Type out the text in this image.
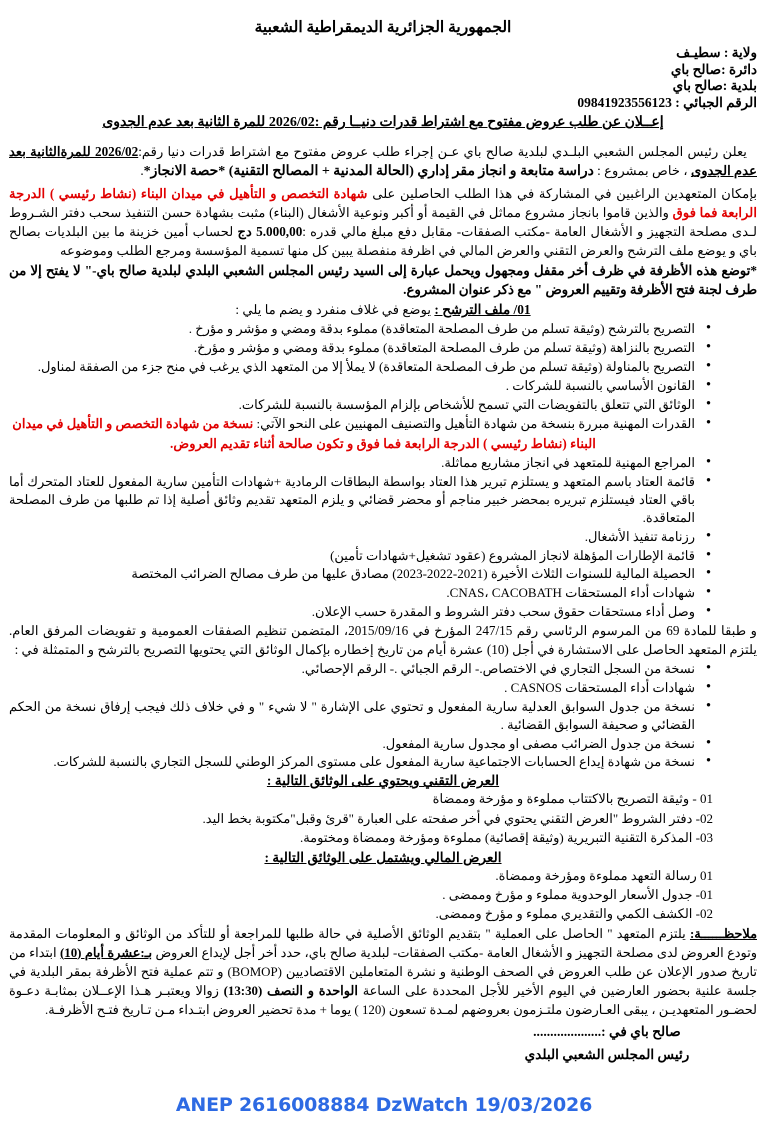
الجمهورية الجزائرية الديمقراطية الشعبية
ولاية : سطيـف
دائرة :صالح باي
بلدية :صالح باي
الرقم الجبائي : 09841923556123
إعــلان عن طلب عروض مفتوح مع اشتراط قدرات دنيــا رقم :2026/02 للمرة الثانية بعد عدم الجدوى
يعلن رئيس المجلس الشعبي البلـدي لبلدية صالح باي عـن إجراء طلب عروض مفتوح مع اشتراط قدرات دنيا رقم:2026/02 للمرةالثانية بعد عدم الجدوى ، خاص بمشروع : دراسة متابعة و انجاز مقر إداري (الحالة المدنية + المصالح التقنية) *حصة الانجاز*.
بإمكان المتعهدين الراغبين في المشاركة في هذا الطلب الحاصلين على شهادة التخصص و التأهيل في ميدان البناء (نشاط رئيسي ) الدرجة الرابعة فما فوق والذين قاموا بانجاز مشروع مماثل في القيمة أو أكبر ونوعية الأشغال (البناء) مثبت بشهادة حسن التنفيذ سحب دفتر الشـروط لـدى مصلحة التجهيز و الأشغال العامة -مكتب الصفقات- مقابل دفع مبلغ مالي قدره :5.000,00 دج لحساب أمين خزينة ما بين البلديات بصالح باي و يوضع ملف الترشح والعرض التقني والعرض المالي في اظرفة منفصلة يبين كل منها تسمية المؤسسة ومرجع الطلب وموضوعه
*توضع هذه الأظرفة في ظرف أخر مقفل ومجهول ويحمل عبارة إلى السيد رئيس المجلس الشعبي البلدي لبلدية صالح باي-" لا يفتح إلا من طرف لجنة فتح الأظرفة وتقييم العروض " مع ذكر عنوان المشروع.
01/ ملف الترشح : يوضع في غلاف منفرد و يضم ما يلي :
● التصريح بالترشح (وثيقة تسلم من طرف المصلحة المتعاقدة) مملوء بدقة ومضي و مؤشر و مؤرخ .
● التصريح بالنزاهة (وثيقة تسلم من طرف المصلحة المتعاقدة) مملوء بدقة ومضي و مؤشر و مؤرخ.
● التصريح بالمناولة (وثيقة تسلم من طرف المصلحة المتعاقدة) لا يملأ إلا من المتعهد الذي يرغب في منح جزء من الصفقة لمناول.
● القانون الأساسي بالنسبة للشركات .
● الوثائق التي تتعلق بالتفويضات التي تسمح للأشخاص بإلزام المؤسسة بالنسبة للشركات.
● القدرات المهنية مبررة بنسخة من شهادة التأهيل والتصنيف المهنيين على النحو الآتي: نسخة من شهادة التخصص و التأهيل في ميدان
البناء (نشاط رئيسي ) الدرجة الرابعة فما فوق و تكون صالحة أثناء تقديم العروض.
● المراجع المهنية للمتعهد في انجاز مشاريع مماثلة.
● قائمة العتاد باسم المتعهد و يستلزم تبرير هذا العتاد بواسطة البطاقات الرمادية +شهادات التأمين سارية المفعول للعتاد المتحرك أما باقي العتاد فيستلزم تبريره بمحضر خبير مناجم أو محضر قضائي و يلزم المتعهد تقديم وثائق أصلية إذا تم طلبها من طرف المصلحة المتعاقدة.
● رزنامة تنفيذ الأشغال.
● قائمة الإطارات المؤهلة لانجاز المشروع (عقود تشغيل+شهادات تأمين)
● الحصيلة المالية للسنوات الثلاث الأخيرة (2021-2022-2023) مصادق عليها من طرف مصالح الضرائب المختصة
● شهادات أداء المستحقات CNAS، CACOBATH.
● وصل أداء مستحقات حقوق سحب دفتر الشروط و المقدرة حسب الإعلان.
و طبقا للمادة 69 من المرسوم الرئاسي رقم 247/15 المؤرخ في 2015/09/16، المتضمن تنظيم الصفقات العمومية و تفويضات المرفق العام. يلتزم المتعهد الحاصل على الاستشارة في أجل (10) عشرة أيام من تاريخ إخطاره بإكمال الوثائق التي يحتويها التصريح بالترشح و المتمثلة في :
● نسخة من السجل التجاري في الاختصاص.- الرقم الجبائي .- الرقم الإحصائي.
● شهادات أداء المستحقات CASNOS .
● نسخة من جدول السوابق العدلية سارية المفعول و تحتوي على الإشارة " لا شيء " و في خلاف ذلك فيجب إرفاق نسخة من الحكم القضائي و صحيفة السوابق القضائية .
● نسخة من جدول الضرائب مصفى او مجدول سارية المفعول.
● نسخة من شهادة إيداع الحسابات الاجتماعية سارية المفعول على مستوى المركز الوطني للسجل التجاري بالنسبة للشركات.
العرض التقني ويحتوي على الوثائق التالية :
01 - وثيقة التصريح بالاكتتاب مملوءة و مؤرخة وممضاة
02- دفتر الشروط "العرض التقني يحتوي في أخر صفحته على العبارة "قرئ وقبل"مكتوبة بخط اليد.
03- المذكرة التقنية التبريرية (وثيقة إقصائية) مملوءة ومؤرخة وممضاة ومختومة.
العرض المالي ويشتمل على الوثائق التالية :
01 رسالة التعهد مملوءة ومؤرخة وممضاة.
01- جدول الأسعار الوحدوية مملوء و مؤرخ وممضى .
02- الكشف الكمي والتقديري مملوء و مؤرخ وممضى.
ملاحظــــــة: يلتزم المتعهد " الحاصل على العملية " بتقديم الوثائق الأصلية في حالة طلبها للمراجعة أو للتأكد من الوثائق و المعلومات المقدمة وتودع العروض لدى مصلحة التجهيز و الأشغال العامة -مكتب الصفقات- لبلدية صالح باي، حدد أخر أجل لإيداع العروض بـ:عشرة أيام (10) ابتداء من تاريخ صدور الإعلان عن طلب العروض في الصحف الوطنية و نشرة المتعاملين الاقتصاديين (BOMOP) و تتم عملية فتح الأظرفة بمقر البلدية في جلسة علنية بحضور العارضين في اليوم الأخير للأجل المحددة على الساعة الواحدة و النصف (13:30) زوالا ويعتبـر هـذا الإعــلان بمثابـة دعـوة لحضـور المتعهديـن ، يبقى العـارضون ملتـزمون بعروضهم لمـدة تسعون (120 ) يوما + مدة تحضير العروض ابتـداء مـن تـاريخ فتـح الأظرفـة.
صالح باي في :....................
رئيس المجلس الشعبي البلدي
ANEP 2616008884 DzWatch 19/03/2026
